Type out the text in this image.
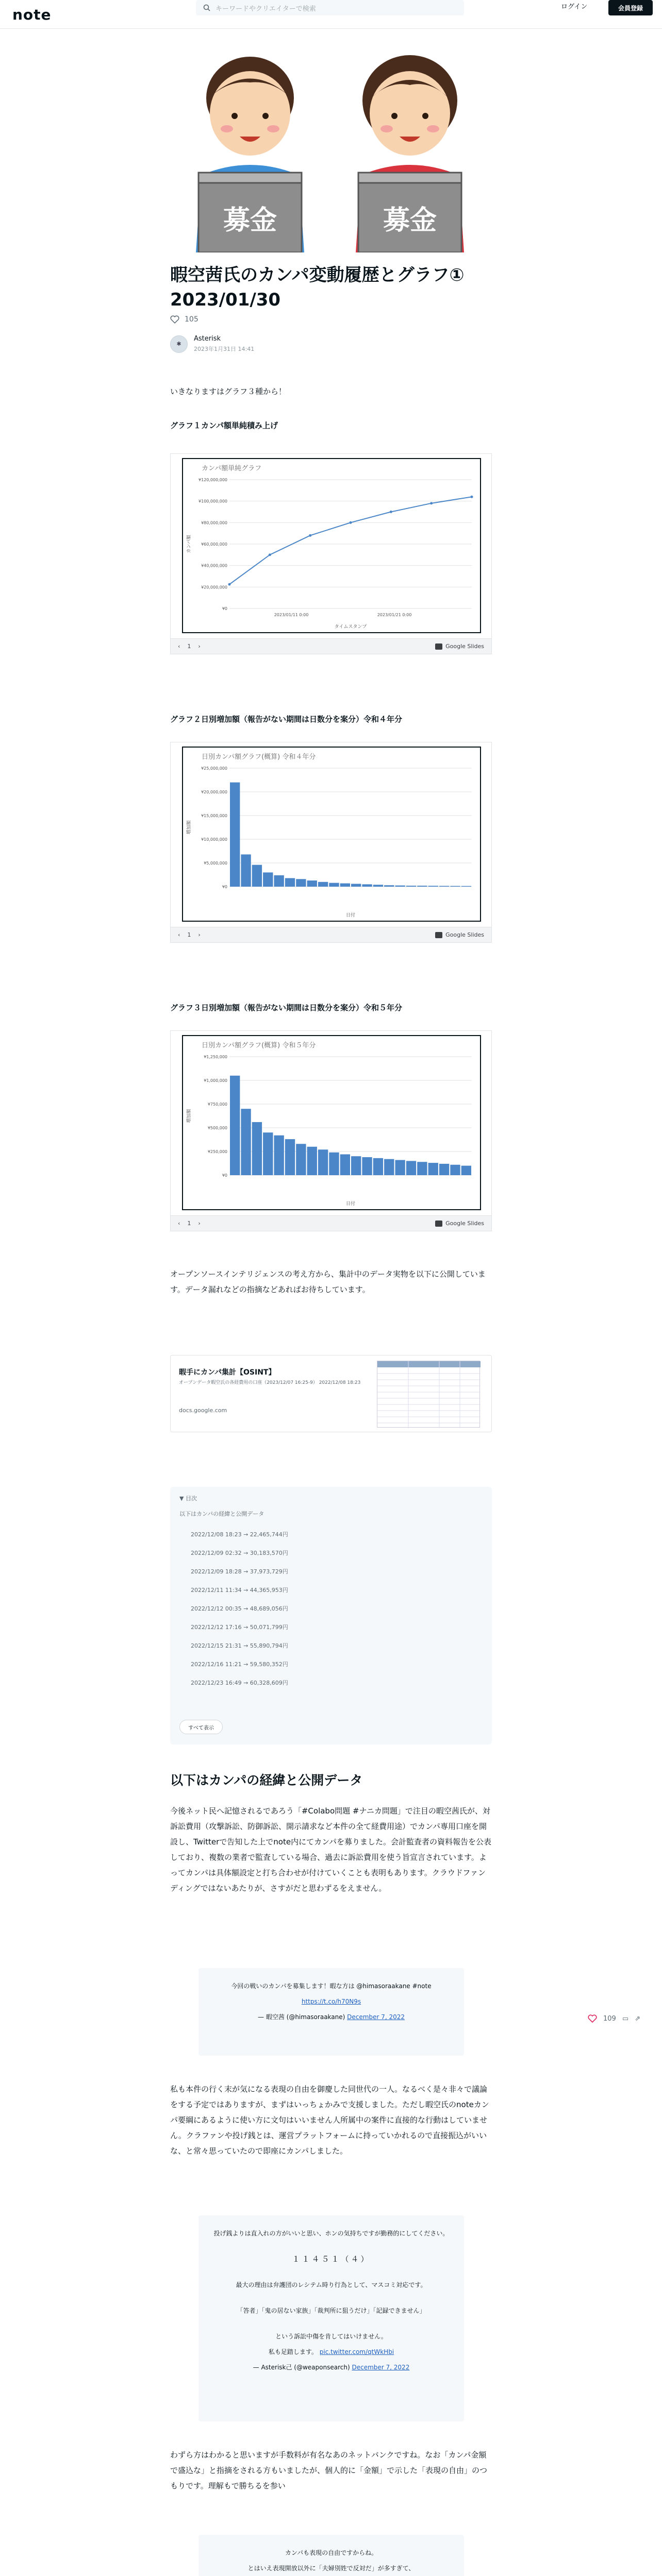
note	キーワードやクリエイターで検索	ログイン	会員登録
募金	募金
暇空茜氏のカンパ変動履歴とグラフ① 2023/01/30
105
✱
Asterisk
2023年1月31日 14:41
いきなりますはグラフ３種から！
グラフ１カンパ額単純積み上げ
カンパ額単純グラフ
¥0
¥20,000,000
¥40,000,000
¥60,000,000
¥80,000,000
¥100,000,000
¥120,000,000
タイムスタンプ
カンパ額
2023/01/11 0:00	2023/01/21 0:00
‹ 1 ›	Google Slides
グラフ２日別増加額（報告がない期間は日数分を案分）令和４年分
日別カンパ額グラフ(概算) 令和４年分
¥0
¥5,000,000
¥10,000,000
¥15,000,000
¥20,000,000
¥25,000,000
日付
増加額
‹ 1 ›	Google Slides
グラフ３日別増加額（報告がない期間は日数分を案分）令和５年分
日別カンパ額グラフ(概算) 令和５年分
¥0
¥250,000
¥500,000
¥750,000
¥1,000,000
¥1,250,000
日付
増加額
‹ 1 ›	Google Slides
オープンソースインテリジェンスの考え方から、集計中のデータ実物を以下に公開しています。データ漏れなどの指摘などあればお待ちしています。
暇手にカンパ集計【OSINT】
オープンデータ暇空氏の各経費用の口座（2023/12/07 16:25-9） 2022/12/08 18:23
docs.google.com
▼ 目次
以下はカンパの経緯と公開データ
2022/12/08 18:23 → 22,465,744円
2022/12/09 02:32 → 30,183,570円
2022/12/09 18:28 → 37,973,729円
2022/12/11 11:34 → 44,365,953円
2022/12/12 00:35 → 48,689,056円
2022/12/12 17:16 → 50,071,799円
2022/12/15 21:31 → 55,890,794円
2022/12/16 11:21 → 59,580,352円
2022/12/23 16:49 → 60,328,609円
すべて表示
以下はカンパの経緯と公開データ
今後ネット民へ記憶されるであろう「#Colabo問題 #ナニカ問題」で注目の暇空茜氏が、対訴訟費用（攻撃訴訟、防御訴訟、開示請求など本件の全て経費用途）でカンパ専用口座を開設し、Twitterで告知した上でnote内にてカンパを募りました。会計監査者の資料報告を公表しており、複数の業者で監査している場合、過去に訴訟費用を使う旨宣言されています。よってカンパは具体額設定と打ち合わせが付けていくことも表明もあります。クラウドファンディングではないあたりが、さすがだと思わずるをえません。
今回の戦いのカンパを募集します！暇な方は @himasoraakane #note
https://t.co/h70N9s
— 暇空茜 (@himasoraakane) December 7, 2022	109 ▭ ⇗
私も本件の行く末が気になる表現の自由を御慶した同世代の一人。なるべく是々非々で議論をする予定ではありますが、まずはいっちょかみで支援しました。ただし暇空氏のnoteカンパ要綱にあるように使い方に文句はいいません人所属中の案件に直接的な行動はしていません。クラファンや投げ銭とは、運営プラットフォームに持っていかれるので直接振込がいいな、と常々思っていたので即座にカンパしました。
投げ銭よりは直入れの方がいいと思い、ホンの気持ちですが勤務的にしてください。
１１４５１（４）
最大の理由は弁護団のレシテム時り行為として、マスコミ対応です。
「答者」「鬼の居ない家族」「裁判所に狙うだけ」「記録できません」
という訴訟中傷を肯してはいけません。
私も足踏します。 pic.twitter.com/qtWkHbi
— Asterisk己 (@weaponsearch) December 7, 2022
わずら方はわかると思いますが手数料が有名なあのネットバンクですね。なお「カンパ金額で盛込な」と指摘をされる方もいましたが、個人的に「金額」で示した「表現の自由」のつもりです。理解もで勝ちるを参い
カンパも表現の自由ですからね。
とはいえ表現開放以外に「夫婦別姓で反対だ」が多すぎて、
